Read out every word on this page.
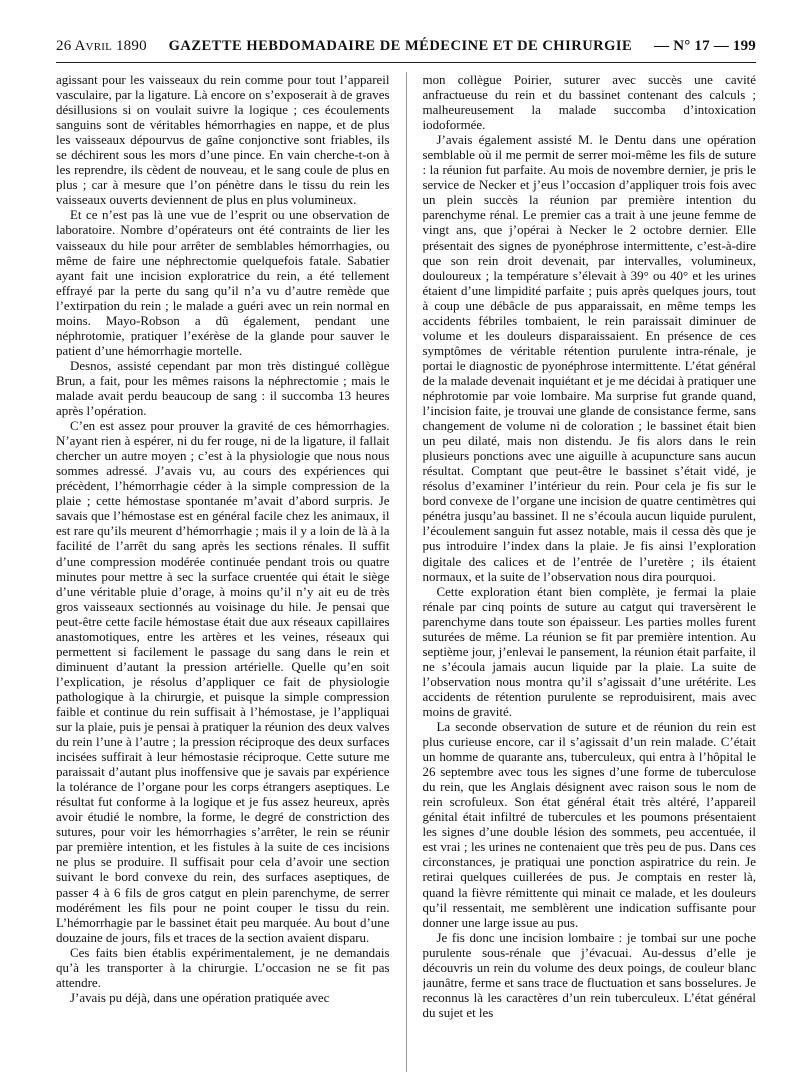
26 Avril 1890 GAZETTE HEBDOMADAIRE DE MÉDECINE ET DE CHIRURGIE — N° 17 — 199

agissant pour les vaisseaux du rein comme pour tout l’appareil vasculaire, par la ligature. Là encore on s’exposerait à de graves désillusions si on voulait suivre la logique ; ces écoulements sanguins sont de véritables hémorrhagies en nappe, et de plus les vaisseaux dépourvus de gaîne conjonctive sont friables, ils se déchirent sous les mors d’une pince. En vain cherche-t-on à les reprendre, ils cèdent de nouveau, et le sang coule de plus en plus ; car à mesure que l’on pénètre dans le tissu du rein les vaisseaux ouverts deviennent de plus en plus volumineux.

Et ce n’est pas là une vue de l’esprit ou une observation de laboratoire. Nombre d’opérateurs ont été contraints de lier les vaisseaux du hile pour arrêter de semblables hémorrhagies, ou même de faire une néphrectomie quelquefois fatale. Sabatier ayant fait une incision exploratrice du rein, a été tellement effrayé par la perte du sang qu’il n’a vu d’autre remède que l’extirpation du rein ; le malade a guéri avec un rein normal en moins. Mayo-Robson a dû également, pendant une néphrotomie, pratiquer l’exérèse de la glande pour sauver le patient d’une hémorrhagie mortelle.

Desnos, assisté cependant par mon très distingué collègue Brun, a fait, pour les mêmes raisons la néphrectomie ; mais le malade avait perdu beaucoup de sang : il succomba 13 heures après l’opération.

C’en est assez pour prouver la gravité de ces hémorrhagies. N’ayant rien à espérer, ni du fer rouge, ni de la ligature, il fallait chercher un autre moyen ; c’est à la physiologie que nous nous sommes adressé. J’avais vu, au cours des expériences qui précèdent, l’hémorrhagie céder à la simple compression de la plaie ; cette hémostase spontanée m’avait d’abord surpris. Je savais que l’hémostase est en général facile chez les animaux, il est rare qu’ils meurent d’hémorrhagie ; mais il y a loin de là à la facilité de l’arrêt du sang après les sections rénales. Il suffit d’une compression modérée continuée pendant trois ou quatre minutes pour mettre à sec la surface cruentée qui était le siège d’une véritable pluie d’orage, à moins qu’il n’y ait eu de très gros vaisseaux sectionnés au voisinage du hile. Je pensai que peut-être cette facile hémostase était due aux réseaux capillaires anastomotiques, entre les artères et les veines, réseaux qui permettent si facilement le passage du sang dans le rein et diminuent d’autant la pression artérielle. Quelle qu’en soit l’explication, je résolus d’appliquer ce fait de physiologie pathologique à la chirurgie, et puisque la simple compression faible et continue du rein suffisait à l’hémostase, je l’appliquai sur la plaie, puis je pensai à pratiquer la réunion des deux valves du rein l’une à l’autre ; la pression réciproque des deux surfaces incisées suffirait à leur hémostasie réciproque. Cette suture me paraissait d’autant plus inoffensive que je savais par expérience la tolérance de l’organe pour les corps étrangers aseptiques. Le résultat fut conforme à la logique et je fus assez heureux, après avoir étudié le nombre, la forme, le degré de constriction des sutures, pour voir les hémorrhagies s’arrêter, le rein se réunir par première intention, et les fistules à la suite de ces incisions ne plus se produire. Il suffisait pour cela d’avoir une section suivant le bord convexe du rein, des surfaces aseptiques, de passer 4 à 6 fils de gros catgut en plein parenchyme, de serrer modérément les fils pour ne point couper le tissu du rein. L’hémorrhagie par le bassinet était peu marquée. Au bout d’une douzaine de jours, fils et traces de la section avaient disparu.

Ces faits bien établis expérimentalement, je ne demandais qu’à les transporter à la chirurgie. L’occasion ne se fit pas attendre.

J’avais pu déjà, dans une opération pratiquée avec

mon collègue Poirier, suturer avec succès une cavité anfractueuse du rein et du bassinet contenant des calculs ; malheureusement la malade succomba d’intoxication iodoformée.

J’avais également assisté M. le Dentu dans une opération semblable où il me permit de serrer moi-même les fils de suture : la réunion fut parfaite. Au mois de novembre dernier, je pris le service de Necker et j’eus l’occasion d’appliquer trois fois avec un plein succès la réunion par première intention du parenchyme rénal. Le premier cas a trait à une jeune femme de vingt ans, que j’opérai à Necker le 2 octobre dernier. Elle présentait des signes de pyonéphrose intermittente, c’est-à-dire que son rein droit devenait, par intervalles, volumineux, douloureux ; la température s’élevait à 39° ou 40° et les urines étaient d’une limpidité parfaite ; puis après quelques jours, tout à coup une débâcle de pus apparaissait, en même temps les accidents fébriles tombaient, le rein paraissait diminuer de volume et les douleurs disparaissaient. En présence de ces symptômes de véritable rétention purulente intra-rénale, je portai le diagnostic de pyonéphrose intermittente. L’état général de la malade devenait inquiétant et je me décidai à pratiquer une néphrotomie par voie lombaire. Ma surprise fut grande quand, l’incision faite, je trouvai une glande de consistance ferme, sans changement de volume ni de coloration ; le bassinet était bien un peu dilaté, mais non distendu. Je fis alors dans le rein plusieurs ponctions avec une aiguille à acupuncture sans aucun résultat. Comptant que peut-être le bassinet s’était vidé, je résolus d’examiner l’intérieur du rein. Pour cela je fis sur le bord convexe de l’organe une incision de quatre centimètres qui pénétra jusqu’au bassinet. Il ne s’écoula aucun liquide purulent, l’écoulement sanguin fut assez notable, mais il cessa dès que je pus introduire l’index dans la plaie. Je fis ainsi l’exploration digitale des calices et de l’entrée de l’uretère ; ils étaient normaux, et la suite de l’observation nous dira pourquoi.

Cette exploration étant bien complète, je fermai la plaie rénale par cinq points de suture au catgut qui traversèrent le parenchyme dans toute son épaisseur. Les parties molles furent suturées de même. La réunion se fit par première intention. Au septième jour, j’enlevai le pansement, la réunion était parfaite, il ne s’écoula jamais aucun liquide par la plaie. La suite de l’observation nous montra qu’il s’agissait d’une urétérite. Les accidents de rétention purulente se reproduisirent, mais avec moins de gravité.

La seconde observation de suture et de réunion du rein est plus curieuse encore, car il s’agissait d’un rein malade. C’était un homme de quarante ans, tuberculeux, qui entra à l’hôpital le 26 septembre avec tous les signes d’une forme de tuberculose du rein, que les Anglais désignent avec raison sous le nom de rein scrofuleux. Son état général était très altéré, l’appareil génital était infiltré de tubercules et les poumons présentaient les signes d’une double lésion des sommets, peu accentuée, il est vrai ; les urines ne contenaient que très peu de pus. Dans ces circonstances, je pratiquai une ponction aspiratrice du rein. Je retirai quelques cuillerées de pus. Je comptais en rester là, quand la fièvre rémittente qui minait ce malade, et les douleurs qu’il ressentait, me semblèrent une indication suffisante pour donner une large issue au pus.

Je fis donc une incision lombaire : je tombai sur une poche purulente sous-rénale que j’évacuai. Au-dessus d’elle je découvris un rein du volume des deux poings, de couleur blanc jaunâtre, ferme et sans trace de fluctuation et sans bosselures. Je reconnus là les caractères d’un rein tuberculeux. L’état général du sujet et les
